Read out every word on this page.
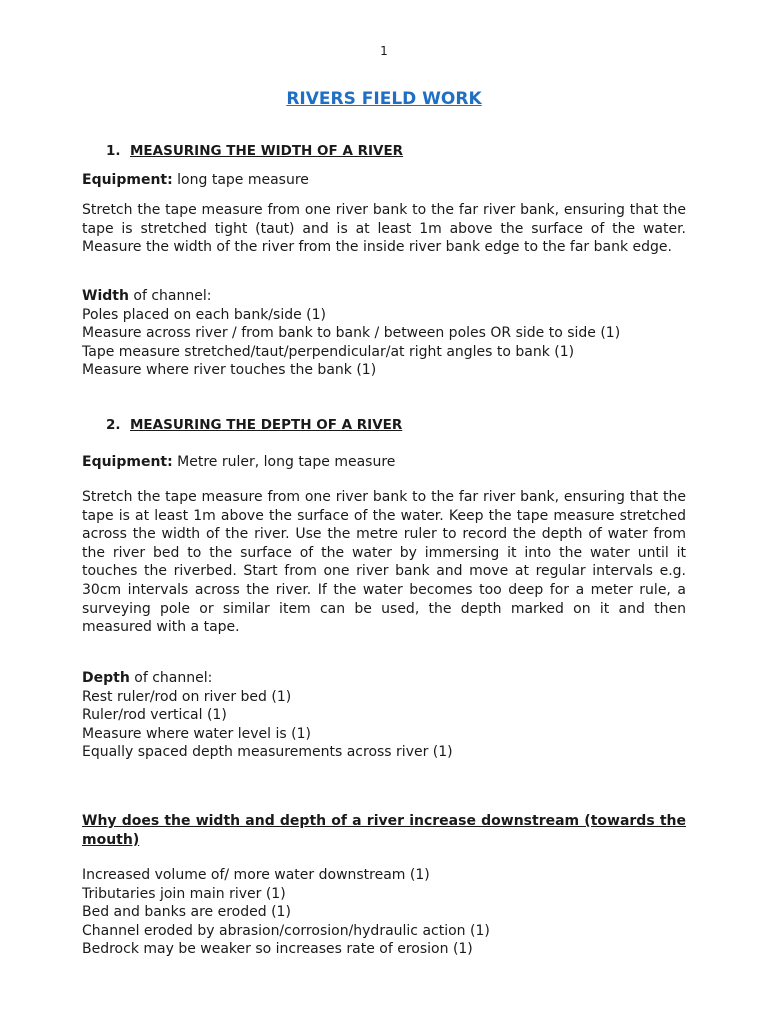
1
RIVERS FIELD WORK
1. MEASURING THE WIDTH OF A RIVER
Equipment: long tape measure
Stretch the tape measure from one river bank to the far river bank, ensuring that the tape is stretched tight (taut) and is at least 1m above the surface of the water. Measure the width of the river from the inside river bank edge to the far bank edge.
Width of channel:
Poles placed on each bank/side (1)
Measure across river / from bank to bank / between poles OR side to side (1)
Tape measure stretched/taut/perpendicular/at right angles to bank (1)
Measure where river touches the bank (1)
2. MEASURING THE DEPTH OF A RIVER
Equipment: Metre ruler, long tape measure
Stretch the tape measure from one river bank to the far river bank, ensuring that the tape is at least 1m above the surface of the water. Keep the tape measure stretched across the width of the river. Use the metre ruler to record the depth of water from the river bed to the surface of the water by immersing it into the water until it touches the riverbed. Start from one river bank and move at regular intervals e.g. 30cm intervals across the river. If the water becomes too deep for a meter rule, a surveying pole or similar item can be used, the depth marked on it and then measured with a tape.
Depth of channel:
Rest ruler/rod on river bed (1)
Ruler/rod vertical (1)
Measure where water level is (1)
Equally spaced depth measurements across river (1)
Why does the width and depth of a river increase downstream (towards the mouth)
Increased volume of/ more water downstream (1)
Tributaries join main river (1)
Bed and banks are eroded (1)
Channel eroded by abrasion/corrosion/hydraulic action (1)
Bedrock may be weaker so increases rate of erosion (1)
